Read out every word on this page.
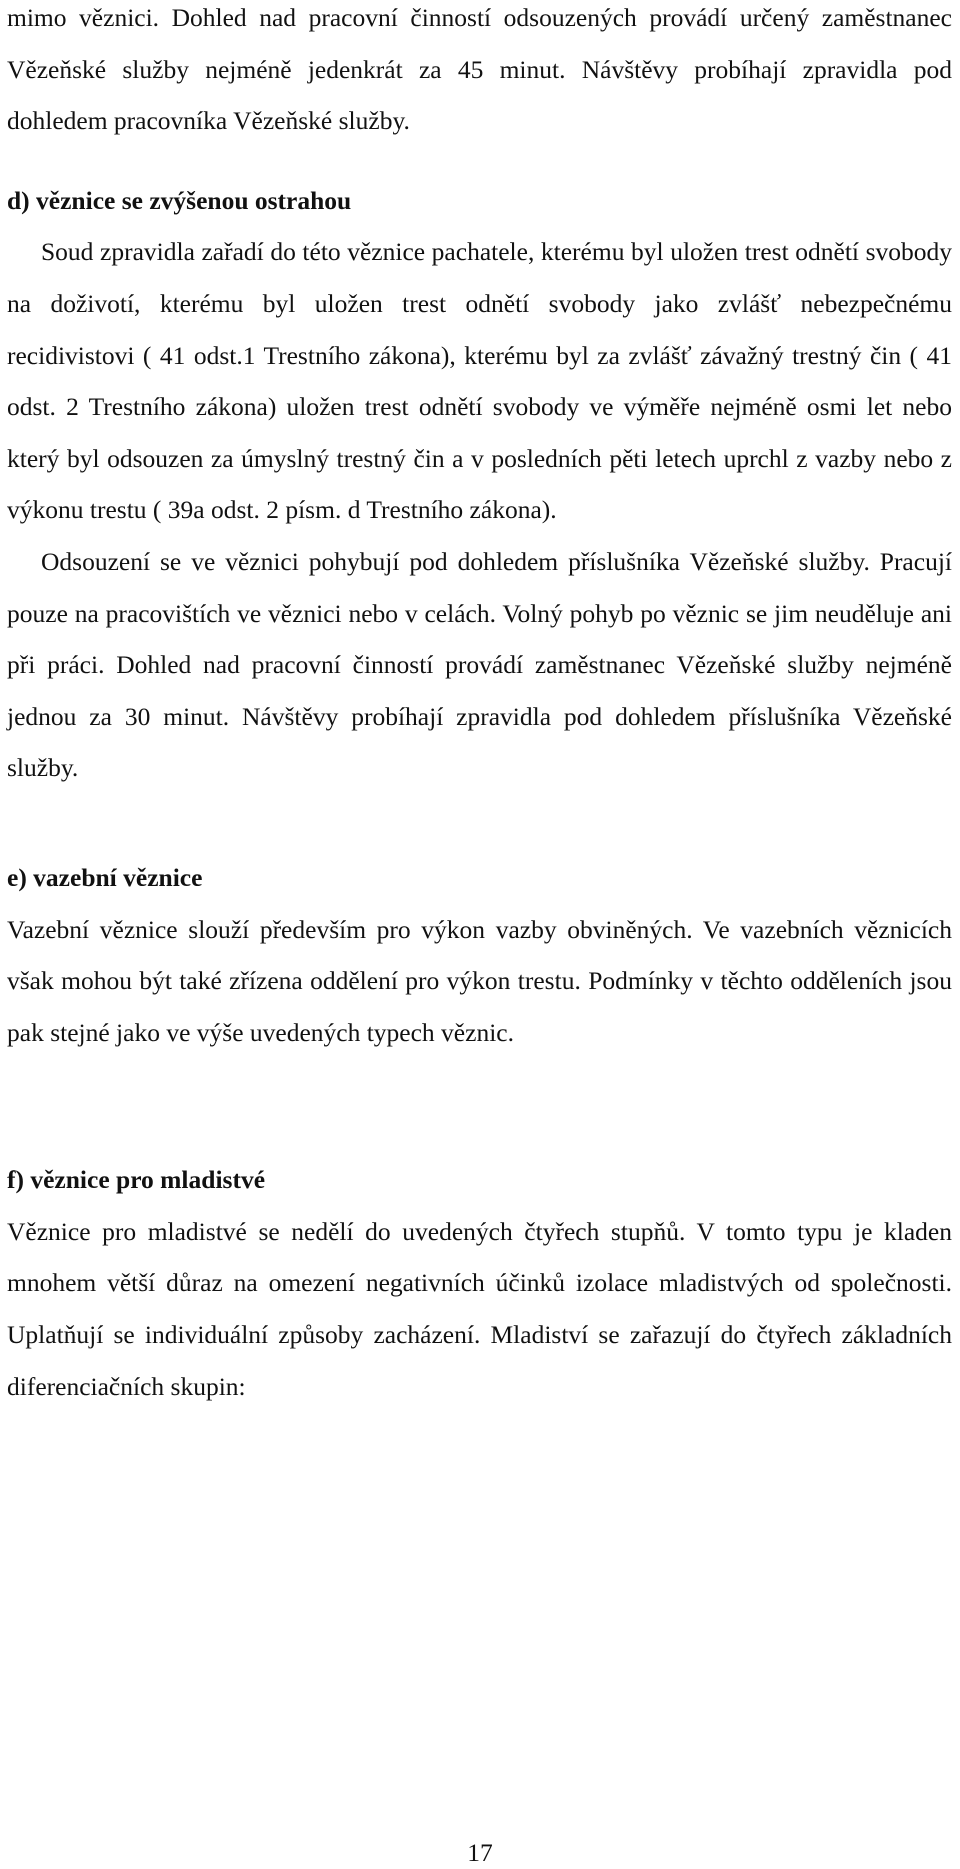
mimo věznici. Dohled nad pracovní činností odsouzených provádí určený zaměstnanec Vězeňské služby nejméně jedenkrát za 45 minut. Návštěvy probíhají zpravidla pod dohledem pracovníka Vězeňské služby.

d) věznice se zvýšenou ostrahou

Soud zpravidla zařadí do této věznice pachatele, kterému byl uložen trest odnětí svobody na doživotí, kterému byl uložen trest odnětí svobody jako zvlášť nebezpečnému recidivistovi ( 41 odst.1 Trestního zákona), kterému byl za zvlášť závažný trestný čin ( 41 odst. 2 Trestního zákona) uložen trest odnětí svobody ve výměře nejméně osmi let nebo který byl odsouzen za úmyslný trestný čin a v posledních pěti letech uprchl z vazby nebo z výkonu trestu ( 39a odst. 2 písm. d Trestního zákona).

Odsouzení se ve věznici pohybují pod dohledem příslušníka Vězeňské služby. Pracují pouze na pracovištích ve věznici nebo v celách. Volný pohyb po věznic se jim neuděluje ani při práci. Dohled nad pracovní činností provádí zaměstnanec Vězeňské služby nejméně jednou za 30 minut. Návštěvy probíhají zpravidla pod dohledem příslušníka Vězeňské služby.

e) vazební věznice

Vazební věznice slouží především pro výkon vazby obviněných. Ve vazebních věznicích však mohou být také zřízena oddělení pro výkon trestu. Podmínky v těchto odděleních jsou pak stejné jako ve výše uvedených typech věznic.

f) věznice pro mladistvé

Věznice pro mladistvé se nedělí do uvedených čtyřech stupňů. V tomto typu je kladen mnohem větší důraz na omezení negativních účinků izolace mladistvých od společnosti. Uplatňují se individuální způsoby zacházení. Mladiství se zařazují do čtyřech základních diferenciačních skupin:

17
